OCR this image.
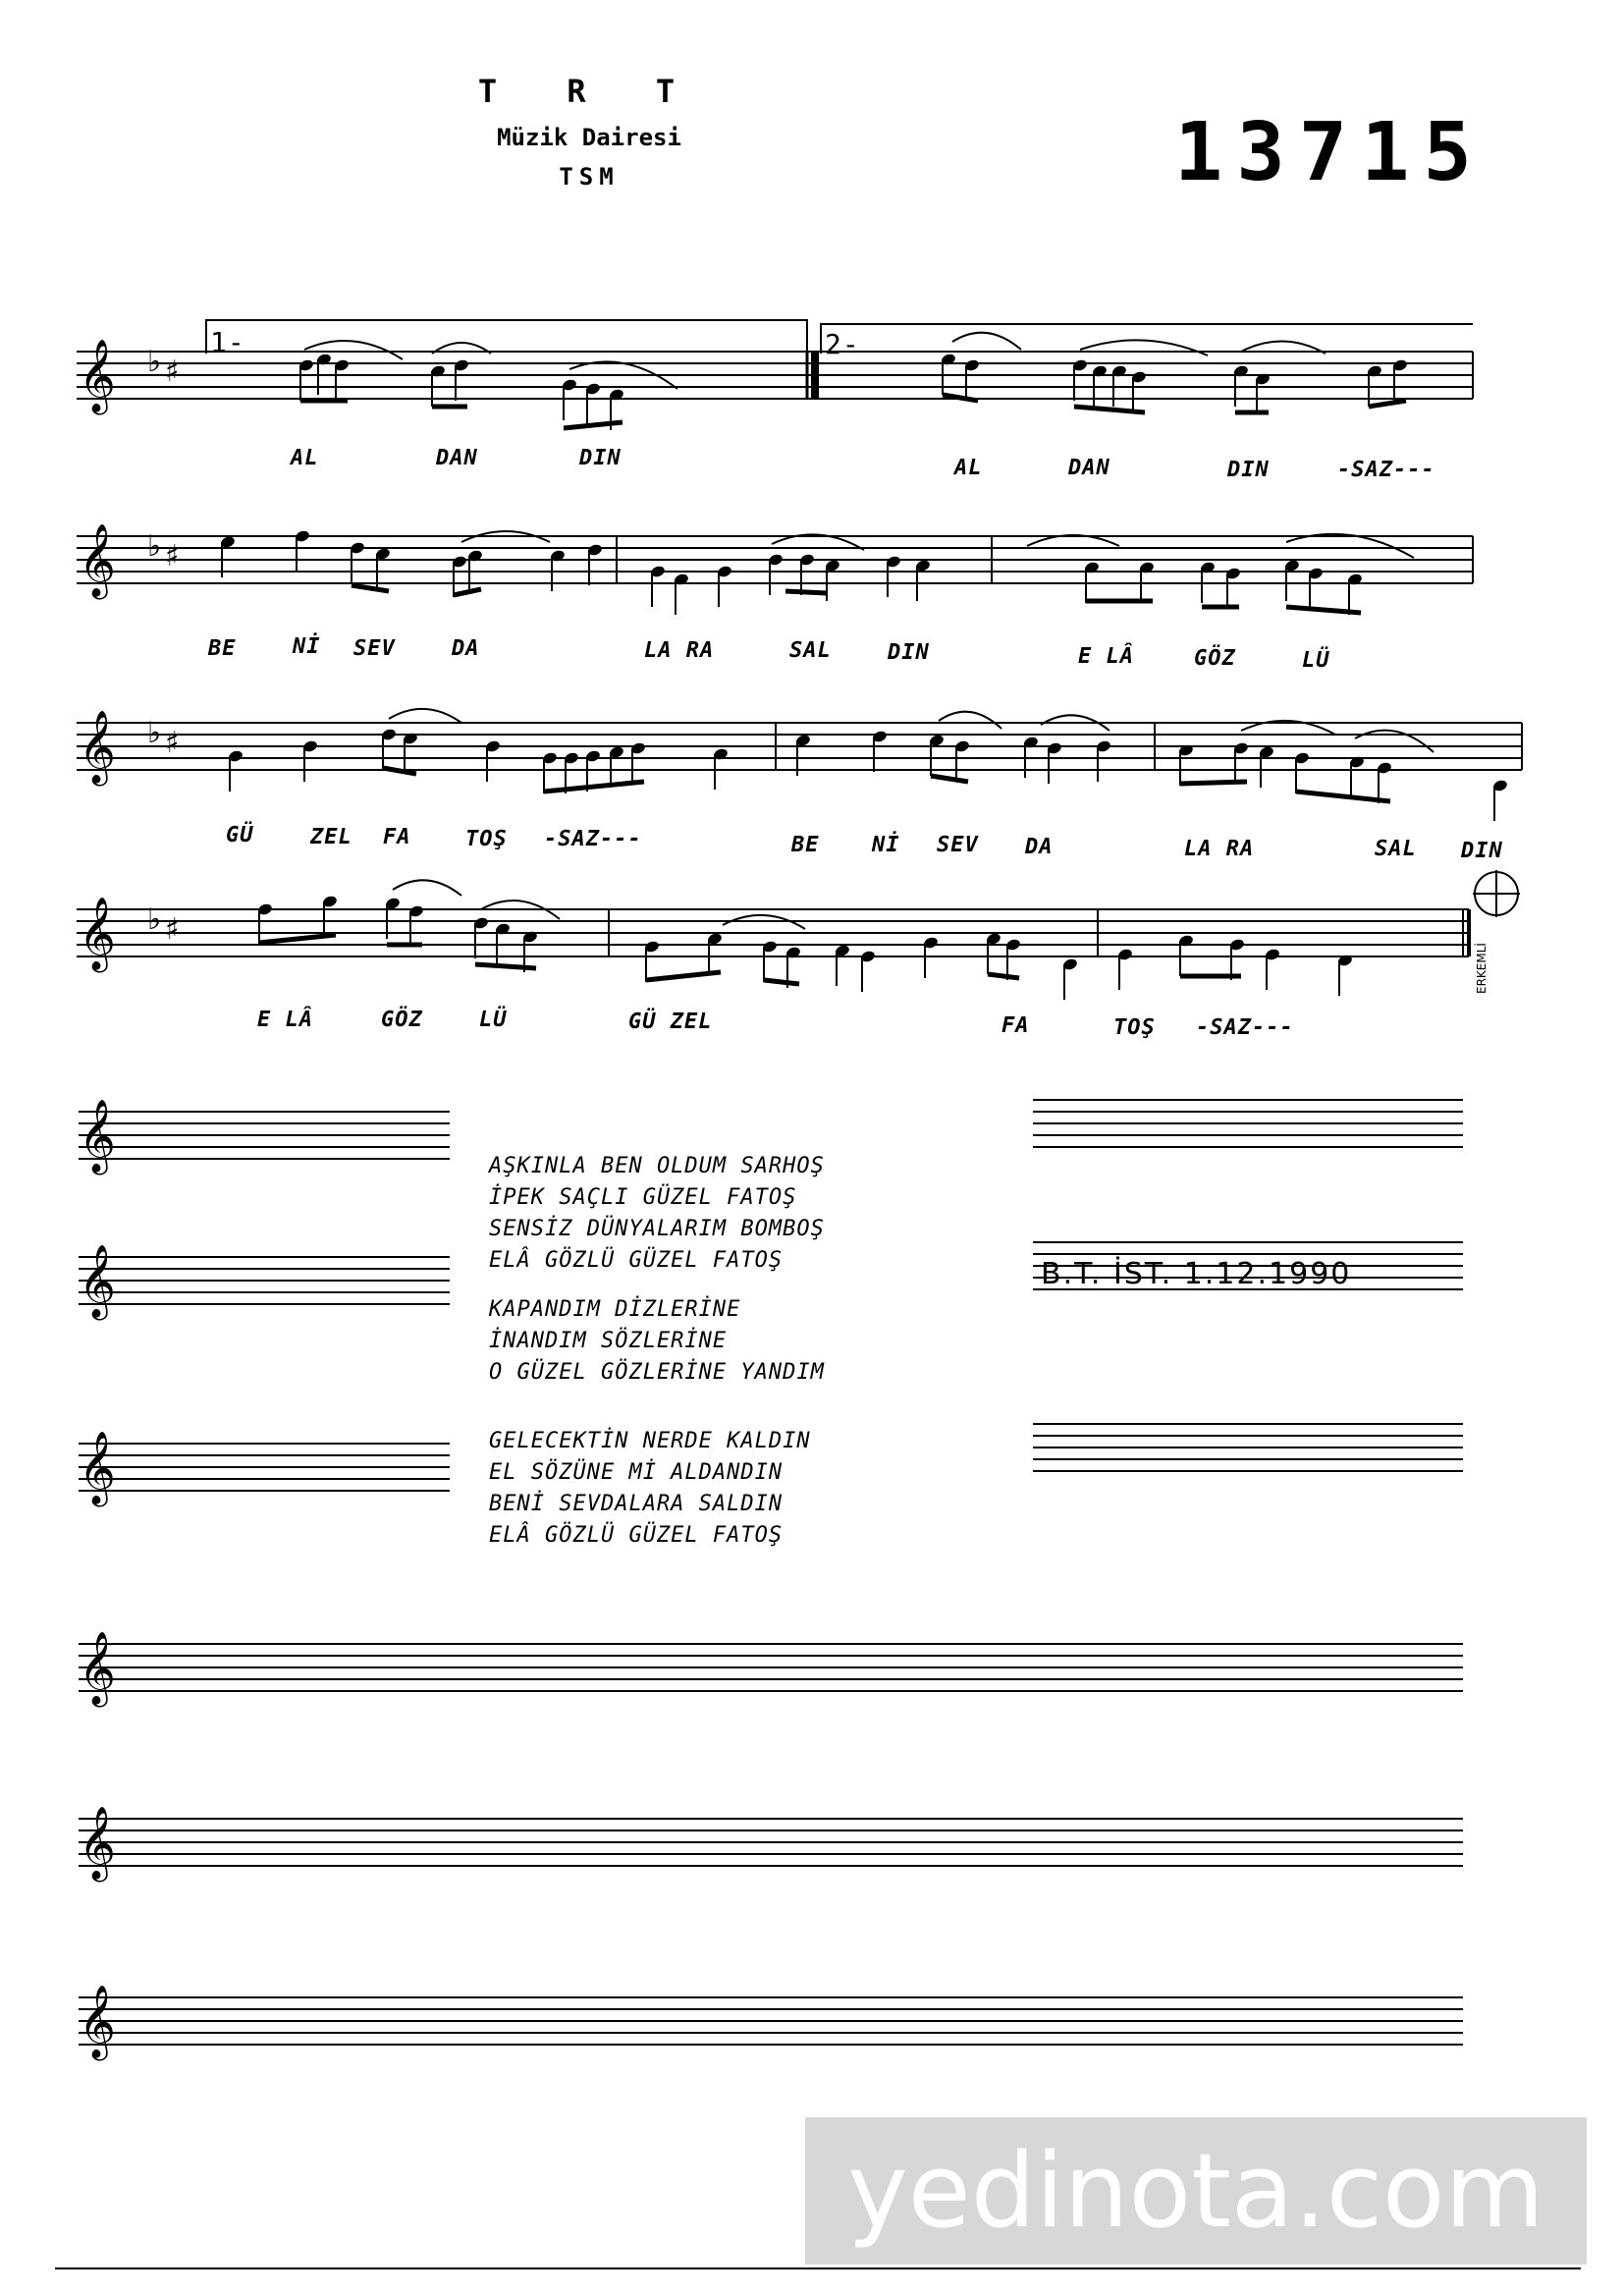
T R T
Müzik Dairesi
TSM	13715
𝄞 ♭ ♯
𝄞 ♭ ♯
𝄞 ♭ ♯
𝄞 ♭ ♯
𝄞
𝄞
𝄞
𝄞
𝄞
𝄞
1-	2-
AL	DAN	DIN	AL	DAN	DIN	-SAZ---
BE	Nİ SEV	DA	LA RA	SAL	DIN	E LÂ	GÖZ	LÜ
GÜ	ZEL FA	TOŞ -SAZ---	BE Nİ SEV DA	LA RA	SAL DIN
E LÂ	GÖZ	LÜ	GÜ ZEL	FA	TOŞ -SAZ---
AŞKINLA BEN OLDUM SARHOŞ
İPEK SAÇLI GÜZEL FATOŞ
SENSİZ DÜNYALARIM BOMBOŞ
ELÂ GÖZLÜ GÜZEL FATOŞ
KAPANDIM DİZLERİNE
İNANDIM SÖZLERİNE
O GÜZEL GÖZLERİNE YANDIM
GELECEKTİN NERDE KALDIN
EL SÖZÜNE Mİ ALDANDIN
BENİ SEVDALARA SALDIN
ELÂ GÖZLÜ GÜZEL FATOŞ
B.T. İST. 1.12.1990
ERKEMLİ
yedinota.com
